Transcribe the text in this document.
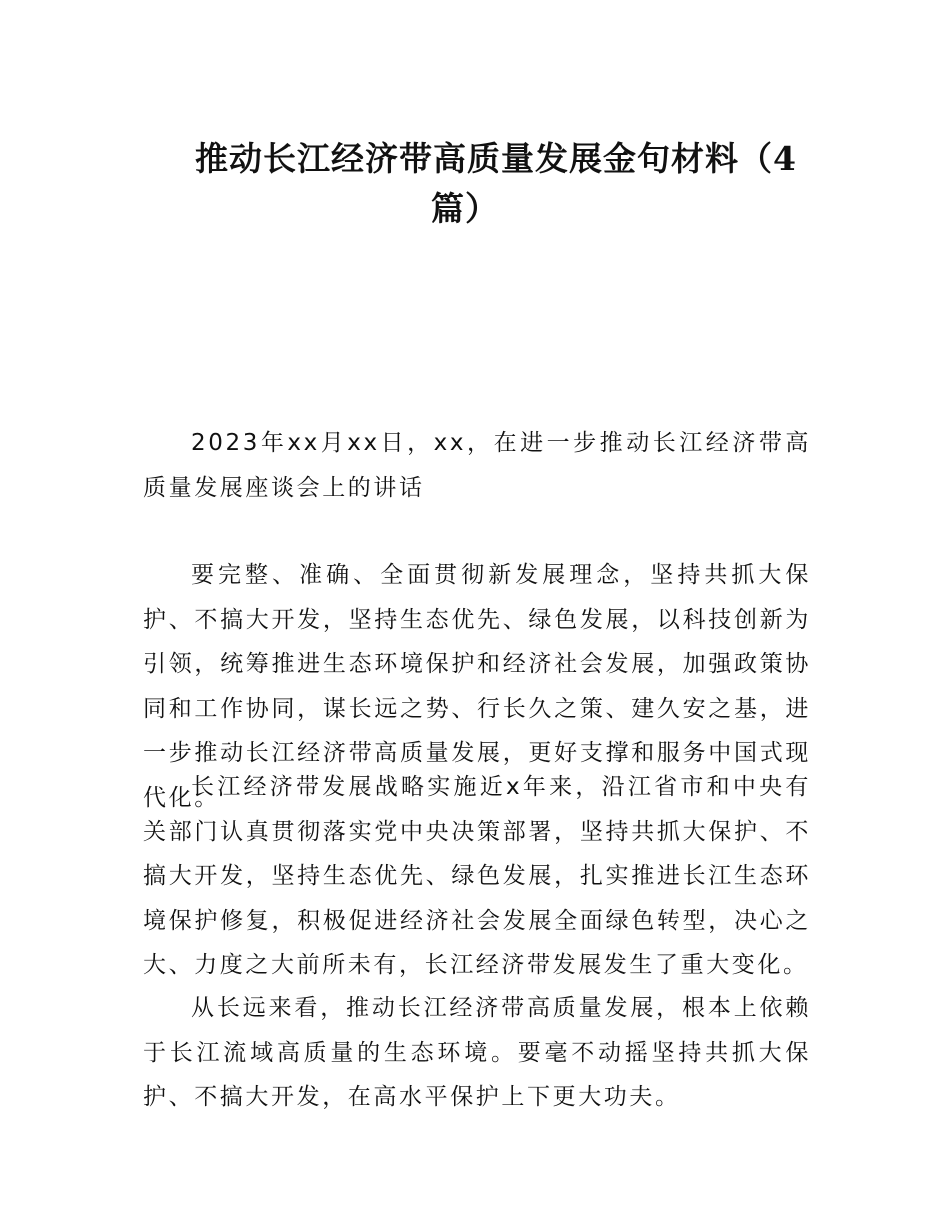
推动长江经济带高质量发展金句材料（4
篇）

2023年xx月xx日，xx，在进一步推动长江经济带高质量发展座谈会上的讲话

要完整、准确、全面贯彻新发展理念，坚持共抓大保护、不搞大开发，坚持生态优先、绿色发展，以科技创新为引领，统筹推进生态环境保护和经济社会发展，加强政策协同和工作协同，谋长远之势、行长久之策、建久安之基，进一步推动长江经济带高质量发展，更好支撑和服务中国式现代化。

长江经济带发展战略实施近x年来，沿江省市和中央有关部门认真贯彻落实党中央决策部署，坚持共抓大保护、不搞大开发，坚持生态优先、绿色发展，扎实推进长江生态环境保护修复，积极促进经济社会发展全面绿色转型，决心之大、力度之大前所未有，长江经济带发展发生了重大变化。

从长远来看，推动长江经济带高质量发展，根本上依赖于长江流域高质量的生态环境。要毫不动摇坚持共抓大保护、不搞大开发，在高水平保护上下更大功夫。
